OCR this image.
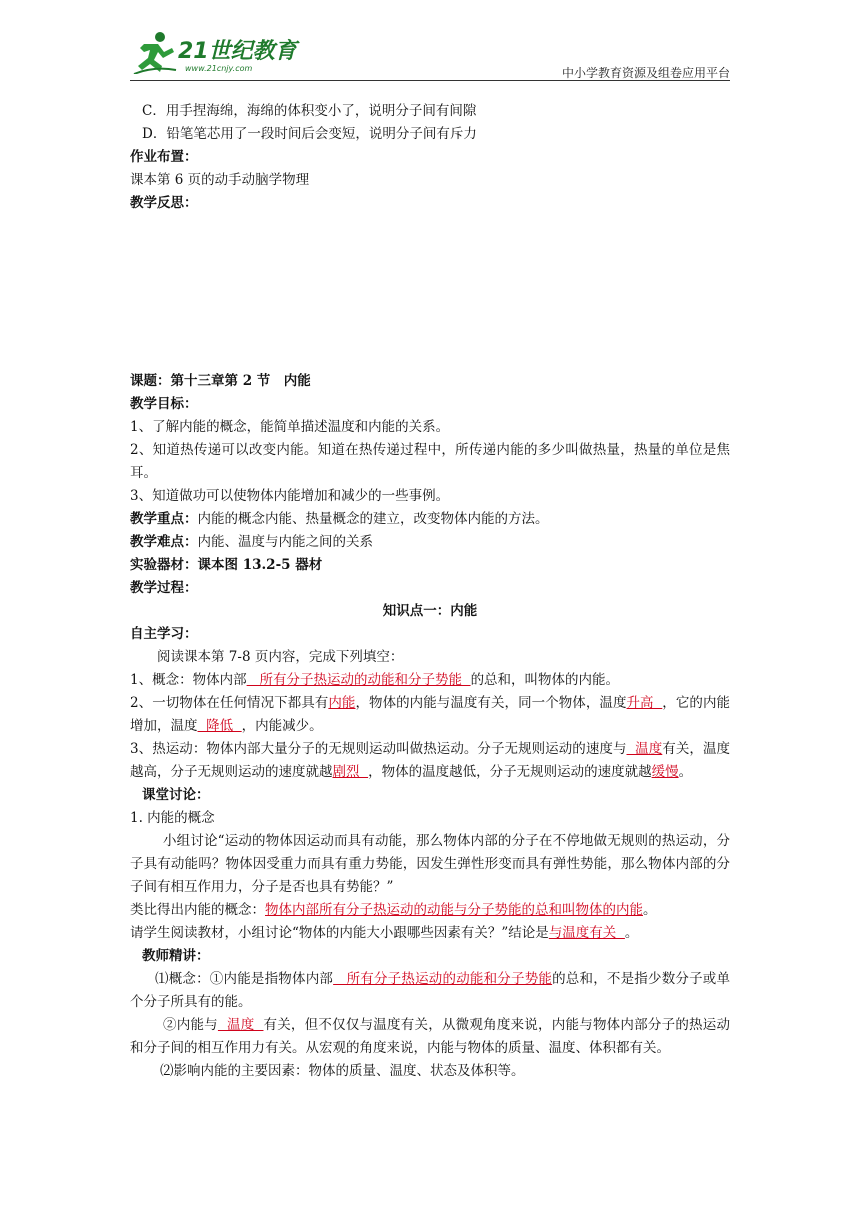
21世纪教育
www.21cnjy.com	中小学教育资源及组卷应用平台
C．用手捏海绵，海绵的体积变小了，说明分子间有间隙
D．铅笔笔芯用了一段时间后会变短，说明分子间有斥力
作业布置：
课本第 6 页的动手动脑学物理
教学反思：
课题：第十三章第 2 节　内能
教学目标：
1、了解内能的概念，能简单描述温度和内能的关系。
2、知道热传递可以改变内能。知道在热传递过程中，所传递内能的多少叫做热量，热量的单位是焦耳。
3、知道做功可以使物体内能增加和减少的一些事例。
教学重点：内能的概念内能、热量概念的建立，改变物体内能的方法。
教学难点：内能、温度与内能之间的关系
实验器材：课本图 13.2-5 器材
教学过程：
知识点一：内能
自主学习：
阅读课本第 7-8 页内容，完成下列填空：
1、概念：物体内部   所有分子热运动的动能和分子势能  的总和，叫物体的内能。
2、一切物体在任何情况下都具有内能，物体的内能与温度有关，同一个物体，温度升高  ，它的内能增加，温度  降低  ，内能减少。
3、热运动：物体内部大量分子的无规则运动叫做热运动。分子无规则运动的速度与  温度有关，温度越高，分子无规则运动的速度就越剧烈  ，物体的温度越低，分子无规则运动的速度就越缓慢。
课堂讨论：
1. 内能的概念
小组讨论“运动的物体因运动而具有动能，那么物体内部的分子在不停地做无规则的热运动，分子具有动能吗？物体因受重力而具有重力势能，因发生弹性形变而具有弹性势能，那么物体内部的分子间有相互作用力，分子是否也具有势能？”
类比得出内能的概念：物体内部所有分子热运动的动能与分子势能的总和叫物体的内能。
请学生阅读教材，小组讨论“物体的内能大小跟哪些因素有关？”结论是与温度有关  。
教师精讲：
⑴概念：①内能是指物体内部   所有分子热运动的动能和分子势能的总和，不是指少数分子或单个分子所具有的能。
②内能与  温度  有关，但不仅仅与温度有关，从微观角度来说，内能与物体内部分子的热运动和分子间的相互作用力有关。从宏观的角度来说，内能与物体的质量、温度、体积都有关。
⑵影响内能的主要因素：物体的质量、温度、状态及体积等。
